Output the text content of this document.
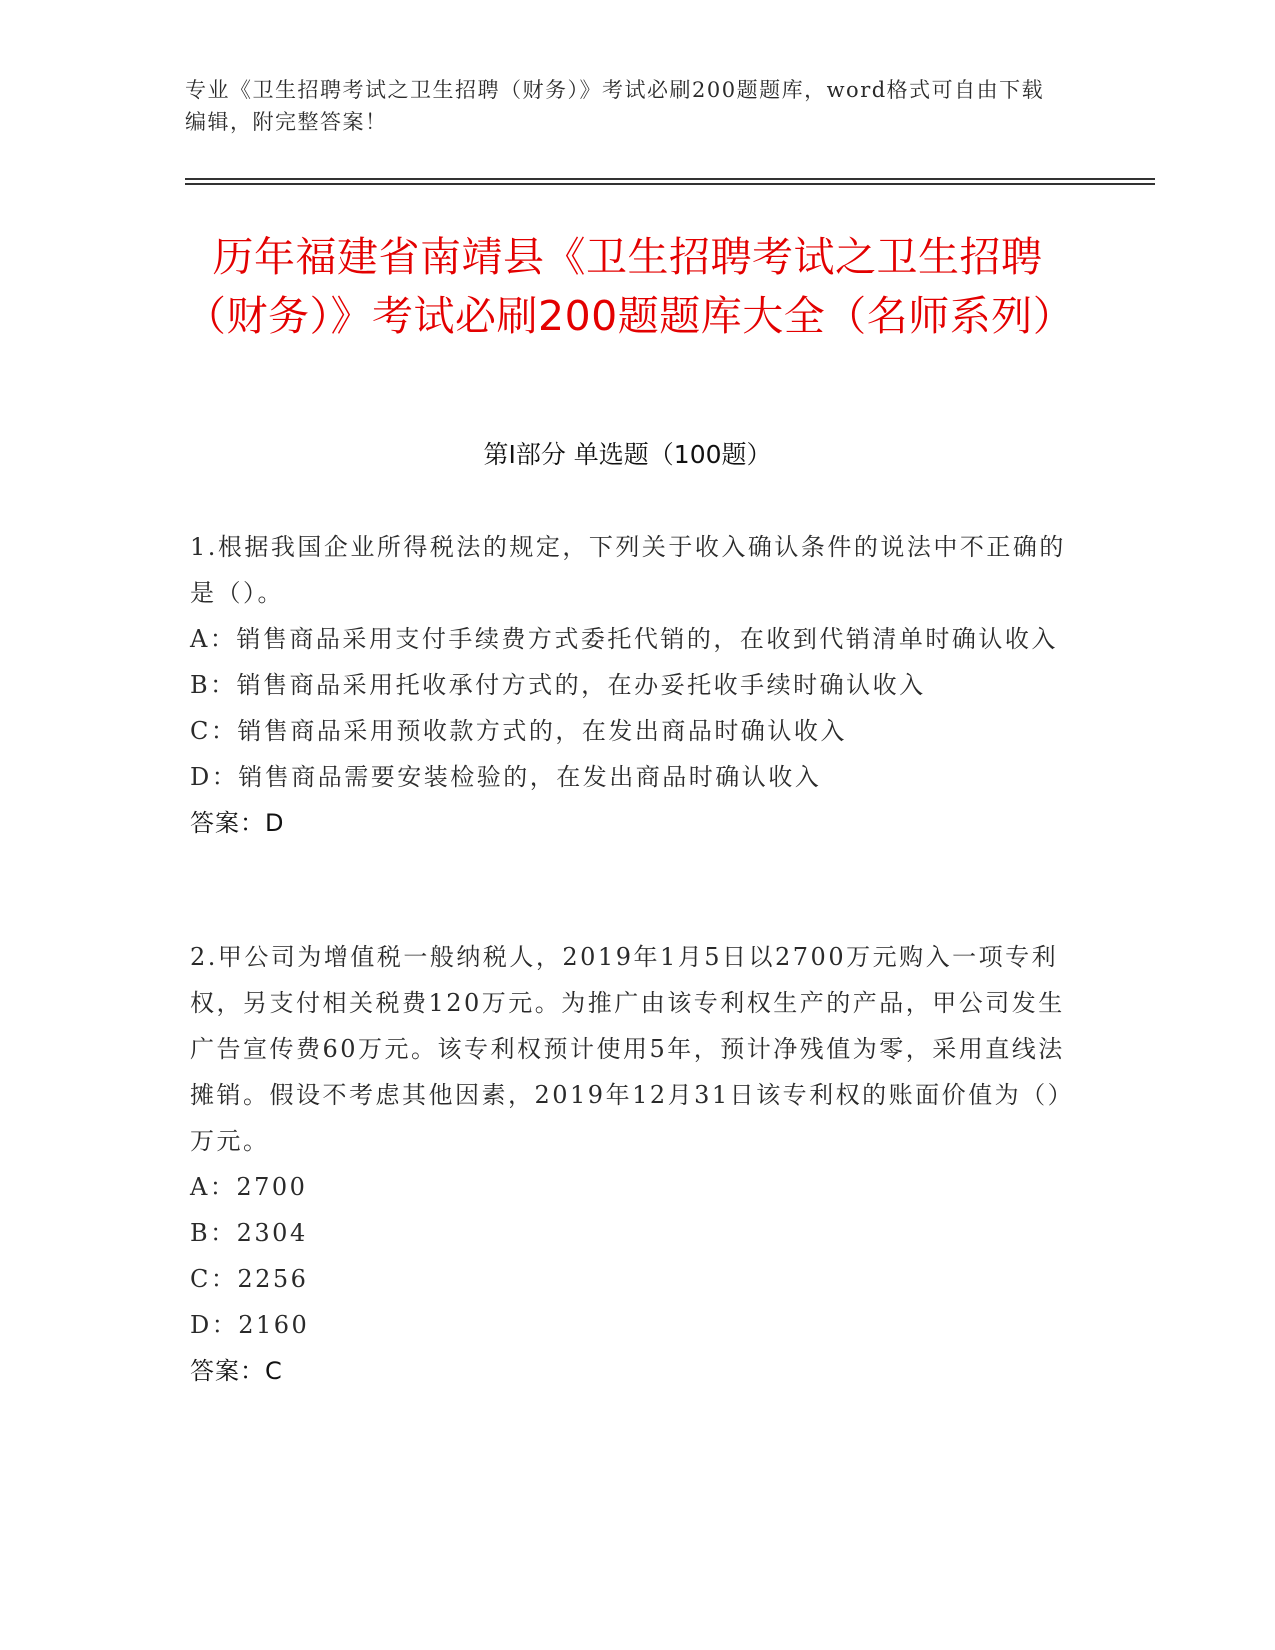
专业《卫生招聘考试之卫生招聘（财务）》考试必刷200题题库，word格式可自由下载编辑，附完整答案！
历年福建省南靖县《卫生招聘考试之卫生招聘（财务）》考试必刷200题题库大全（名师系列）
第Ⅰ部分 单选题（100题）

1.根据我国企业所得税法的规定，下列关于收入确认条件的说法中不正确的是（）。

A：销售商品采用支付手续费方式委托代销的，在收到代销清单时确认收入

B：销售商品采用托收承付方式的，在办妥托收手续时确认收入

C：销售商品采用预收款方式的，在发出商品时确认收入

D：销售商品需要安装检验的，在发出商品时确认收入

答案：D

2.甲公司为增值税一般纳税人，2019年1月5日以2700万元购入一项专利权，另支付相关税费120万元。为推广由该专利权生产的产品，甲公司发生广告宣传费60万元。该专利权预计使用5年，预计净残值为零，采用直线法摊销。假设不考虑其他因素，2019年12月31日该专利权的账面价值为（）万元。

A：2700

B：2304

C：2256

D：2160

答案：C
